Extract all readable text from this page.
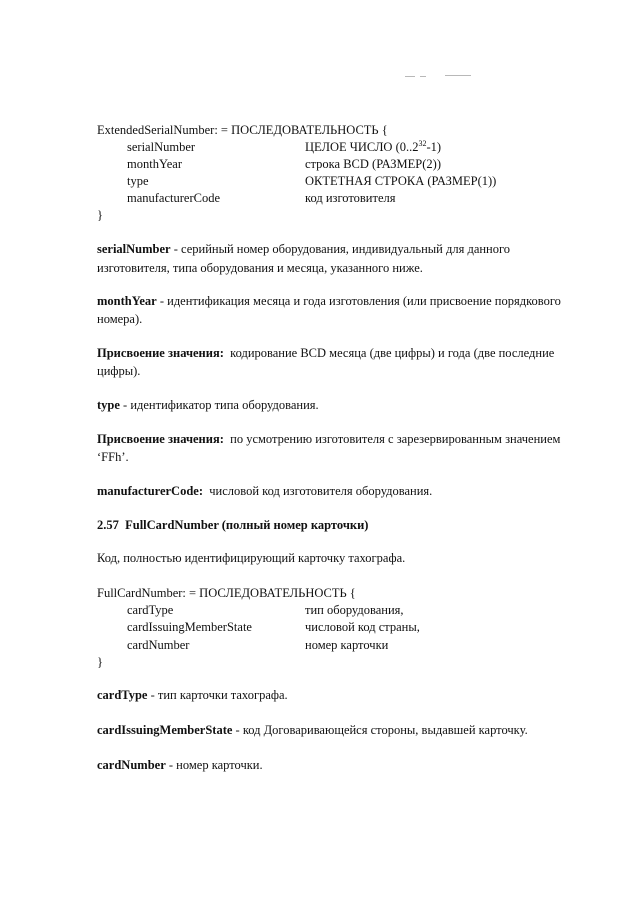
ExtendedSerialNumber: = ПОСЛЕДОВАТЕЛЬНОСТЬ {
serialNumber	ЦЕЛОЕ ЧИСЛО (0..2$^{32}$-1)
monthYear	строка BCD (РАЗМЕР(2))
type	ОКТЕТНАЯ СТРОКА (РАЗМЕР(1))
manufacturerCode	код изготовителя
}
serialNumber - серийный номер оборудования, индивидуальный для данного
изготовителя, типа оборудования и месяца, указанного ниже.
monthYear - идентификация месяца и года изготовления (или присвоение порядкового
номера).
Присвоение значения:  кодирование BCD месяца (две цифры) и года (две последние
цифры).
type - идентификатор типа оборудования.
Присвоение значения:  по усмотрению изготовителя с зарезервированным значением
‘FFh’.
manufacturerCode:  числовой код изготовителя оборудования.
2.57 FullCardNumber (полный номер карточки)
Код, полностью идентифицирующий карточку тахографа.
FullCardNumber: = ПОСЛЕДОВАТЕЛЬНОСТЬ {
cardType	тип оборудования,
cardIssuingMemberState	числовой код страны,
cardNumber	номер карточки
}
cardType - тип карточки тахографа.
cardIssuingMemberState - код Договаривающейся стороны, выдавшей карточку.
cardNumber - номер карточки.
